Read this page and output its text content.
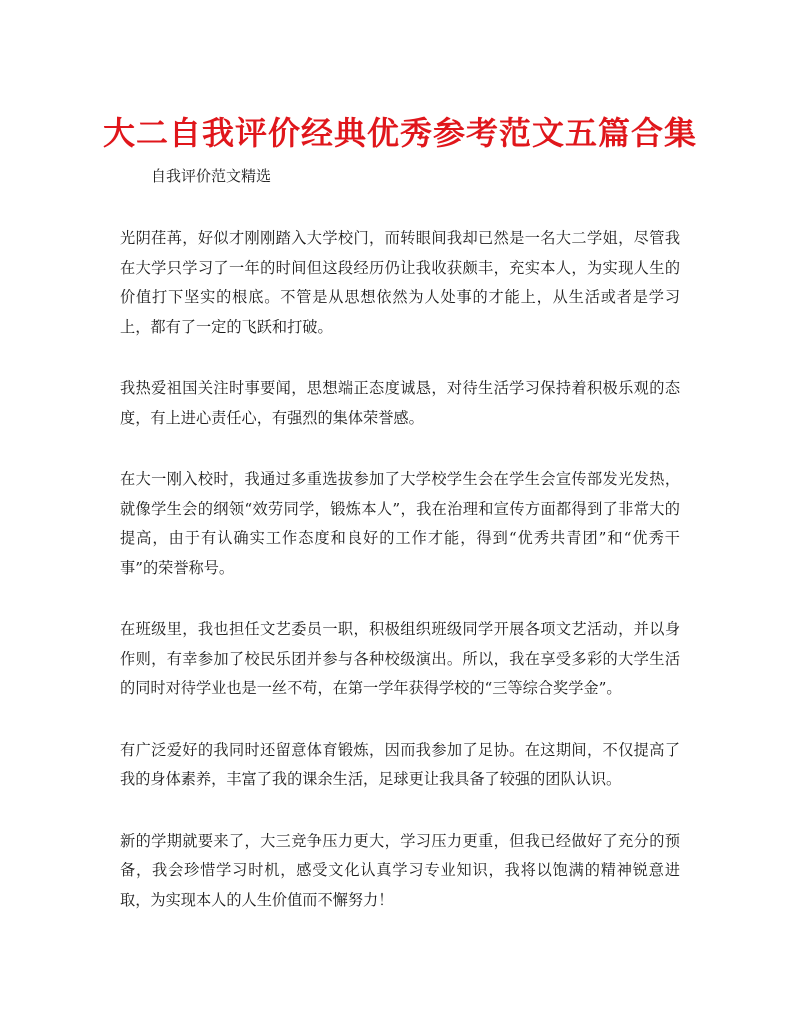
大二自我评价经典优秀参考范文五篇合集

自我评价范文精选

光阴荏苒，好似才刚刚踏入大学校门，而转眼间我却已然是一名大二学姐，尽管我在大学只学习了一年的时间但这段经历仍让我收获颇丰，充实本人，为实现人生的价值打下坚实的根底。不管是从思想依然为人处事的才能上，从生活或者是学习上，都有了一定的飞跃和打破。

我热爱祖国关注时事要闻，思想端正态度诚恳，对待生活学习保持着积极乐观的态度，有上进心责任心，有强烈的集体荣誉感。

在大一刚入校时，我通过多重选拔参加了大学校学生会在学生会宣传部发光发热，就像学生会的纲领“效劳同学，锻炼本人”，我在治理和宣传方面都得到了非常大的提高，由于有认确实工作态度和良好的工作才能，得到“优秀共青团”和“优秀干事”的荣誉称号。

在班级里，我也担任文艺委员一职，积极组织班级同学开展各项文艺活动，并以身作则，有幸参加了校民乐团并参与各种校级演出。所以，我在享受多彩的大学生活的同时对待学业也是一丝不苟，在第一学年获得学校的“三等综合奖学金”。

有广泛爱好的我同时还留意体育锻炼，因而我参加了足协。在这期间，不仅提高了我的身体素养，丰富了我的课余生活，足球更让我具备了较强的团队认识。

新的学期就要来了，大三竞争压力更大，学习压力更重，但我已经做好了充分的预备，我会珍惜学习时机，感受文化认真学习专业知识，我将以饱满的精神锐意进取，为实现本人的人生价值而不懈努力！
